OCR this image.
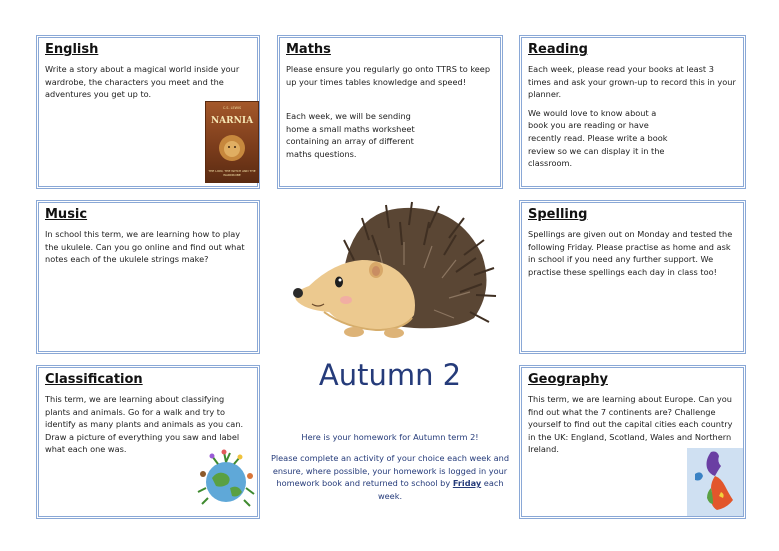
English

Write a story about a magical world inside your wardrobe, the characters you meet and the adventures you get up to.

C.S. LEWIS
NARNIA
THE LION, THE WITCH AND THE WARDROBE
Maths

Please ensure you regularly go onto TTRS to keep up your times tables knowledge and speed!

Each week, we will be sending home a small maths worksheet containing an array of different maths questions.

Reading

Each week, please read your books at least 3 times and ask your grown-up to record this in your planner.

We would love to know about a book you are reading or have recently read. Please write a book review so we can display it in the classroom.

Music

In school this term, we are learning how to play the ukulele. Can you go online and find out what notes each of the ukulele strings make?

Spelling

Spellings are given out on Monday and tested the following Friday. Please practise as home and ask in school if you need any further support. We practise these spellings each day in class too!

Classification

This term, we are learning about classifying plants and animals. Go for a walk and try to identify as many plants and animals as you can. Draw a picture of everything you saw and label what each one was.

Autumn 2
Here is your homework for Autumn term 2!
Please complete an activity of your choice each week and ensure, where possible, your homework is logged in your homework book and returned to school by Friday each week.
Geography

This term, we are learning about Europe. Can you find out what the 7 continents are? Challenge yourself to find out the capital cities each country in the UK: England, Scotland, Wales and Northern Ireland.
